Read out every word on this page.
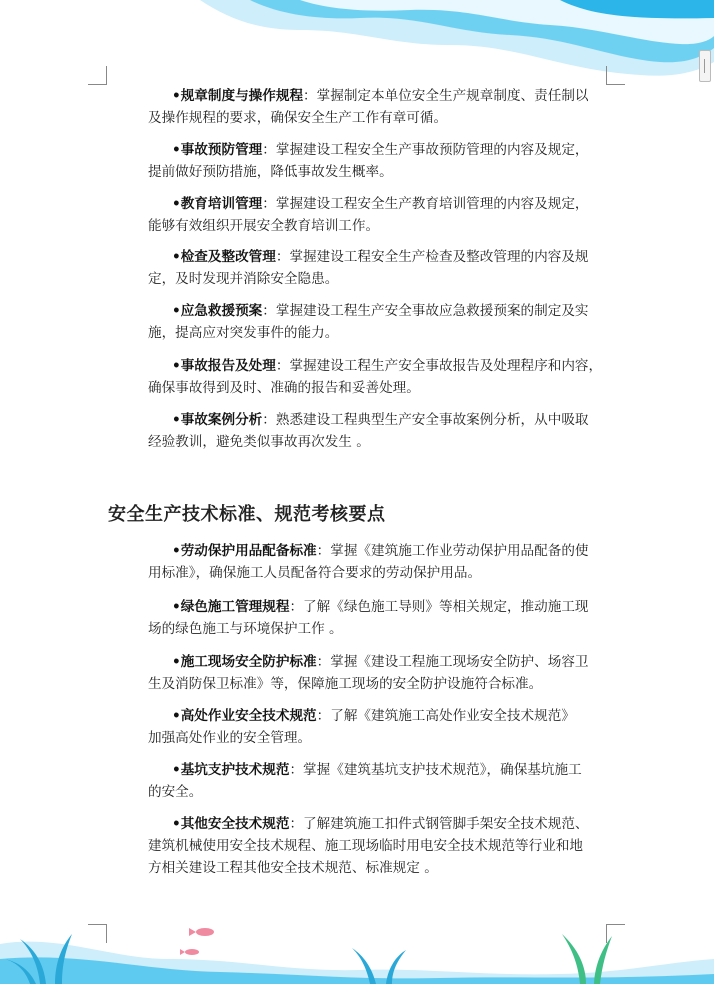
•规章制度与操作规程：掌握制定本单位安全生产规章制度、责任制以
及操作规程的要求，确保安全生产工作有章可循。
•事故预防管理：掌握建设工程安全生产事故预防管理的内容及规定，
提前做好预防措施，降低事故发生概率。
•教育培训管理：掌握建设工程安全生产教育培训管理的内容及规定，
能够有效组织开展安全教育培训工作。
•检查及整改管理：掌握建设工程安全生产检查及整改管理的内容及规
定，及时发现并消除安全隐患。
•应急救援预案：掌握建设工程生产安全事故应急救援预案的制定及实
施，提高应对突发事件的能力。
•事故报告及处理：掌握建设工程生产安全事故报告及处理程序和内容，
确保事故得到及时、准确的报告和妥善处理。
•事故案例分析：熟悉建设工程典型生产安全事故案例分析，从中吸取
经验教训，避免类似事故再次发生 。
安全生产技术标准、规范考核要点
•劳动保护用品配备标准：掌握《建筑施工作业劳动保护用品配备的使
用标准》，确保施工人员配备符合要求的劳动保护用品。
•绿色施工管理规程：了解《绿色施工导则》等相关规定，推动施工现
场的绿色施工与环境保护工作 。
•施工现场安全防护标准：掌握《建设工程施工现场安全防护、场容卫
生及消防保卫标准》等，保障施工现场的安全防护设施符合标准。
•高处作业安全技术规范：了解《建筑施工高处作业安全技术规范》
加强高处作业的安全管理。
•基坑支护技术规范：掌握《建筑基坑支护技术规范》，确保基坑施工
的安全。
•其他安全技术规范：了解建筑施工扣件式钢管脚手架安全技术规范、
建筑机械使用安全技术规程、施工现场临时用电安全技术规范等行业和地
方相关建设工程其他安全技术规范、标准规定 。
